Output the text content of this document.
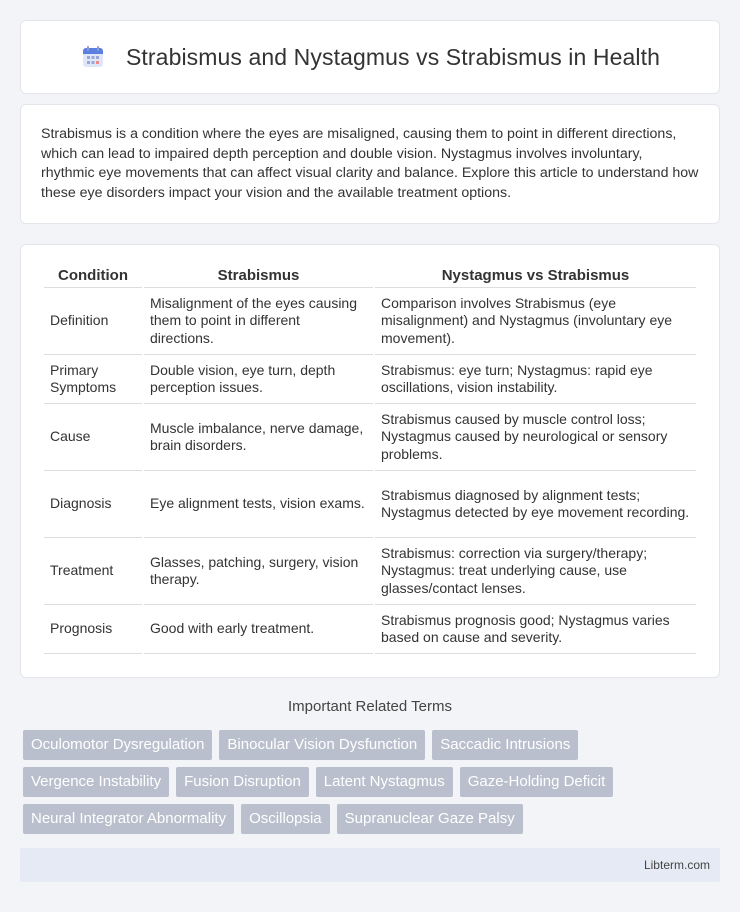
Strabismus and Nystagmus vs Strabismus in Health

Strabismus is a condition where the eyes are misaligned, causing them to point in different directions, which can lead to impaired depth perception and double vision. Nystagmus involves involuntary, rhythmic eye movements that can affect visual clarity and balance. Explore this article to understand how these eye disorders impact your vision and the available treatment options.

Condition	Strabismus	Nystagmus vs Strabismus
Definition	Misalignment of the eyes causing them to point in different directions.	Comparison involves Strabismus (eye misalignment) and Nystagmus (involuntary eye movement).
Primary Symptoms	Double vision, eye turn, depth perception issues.	Strabismus: eye turn; Nystagmus: rapid eye oscillations, vision instability.
Cause	Muscle imbalance, nerve damage, brain disorders.	Strabismus caused by muscle control loss; Nystagmus caused by neurological or sensory problems.
Diagnosis	Eye alignment tests, vision exams.	Strabismus diagnosed by alignment tests; Nystagmus detected by eye movement recording.
Treatment	Glasses, patching, surgery, vision therapy.	Strabismus: correction via surgery/therapy; Nystagmus: treat underlying cause, use glasses/contact lenses.
Prognosis	Good with early treatment.	Strabismus prognosis good; Nystagmus varies based on cause and severity.
Important Related Terms
Oculomotor Dysregulation	Binocular Vision Dysfunction	Saccadic Intrusions
Vergence Instability	Fusion Disruption	Latent Nystagmus	Gaze-Holding Deficit
Neural Integrator Abnormality	Oscillopsia	Supranuclear Gaze Palsy
Libterm.com
